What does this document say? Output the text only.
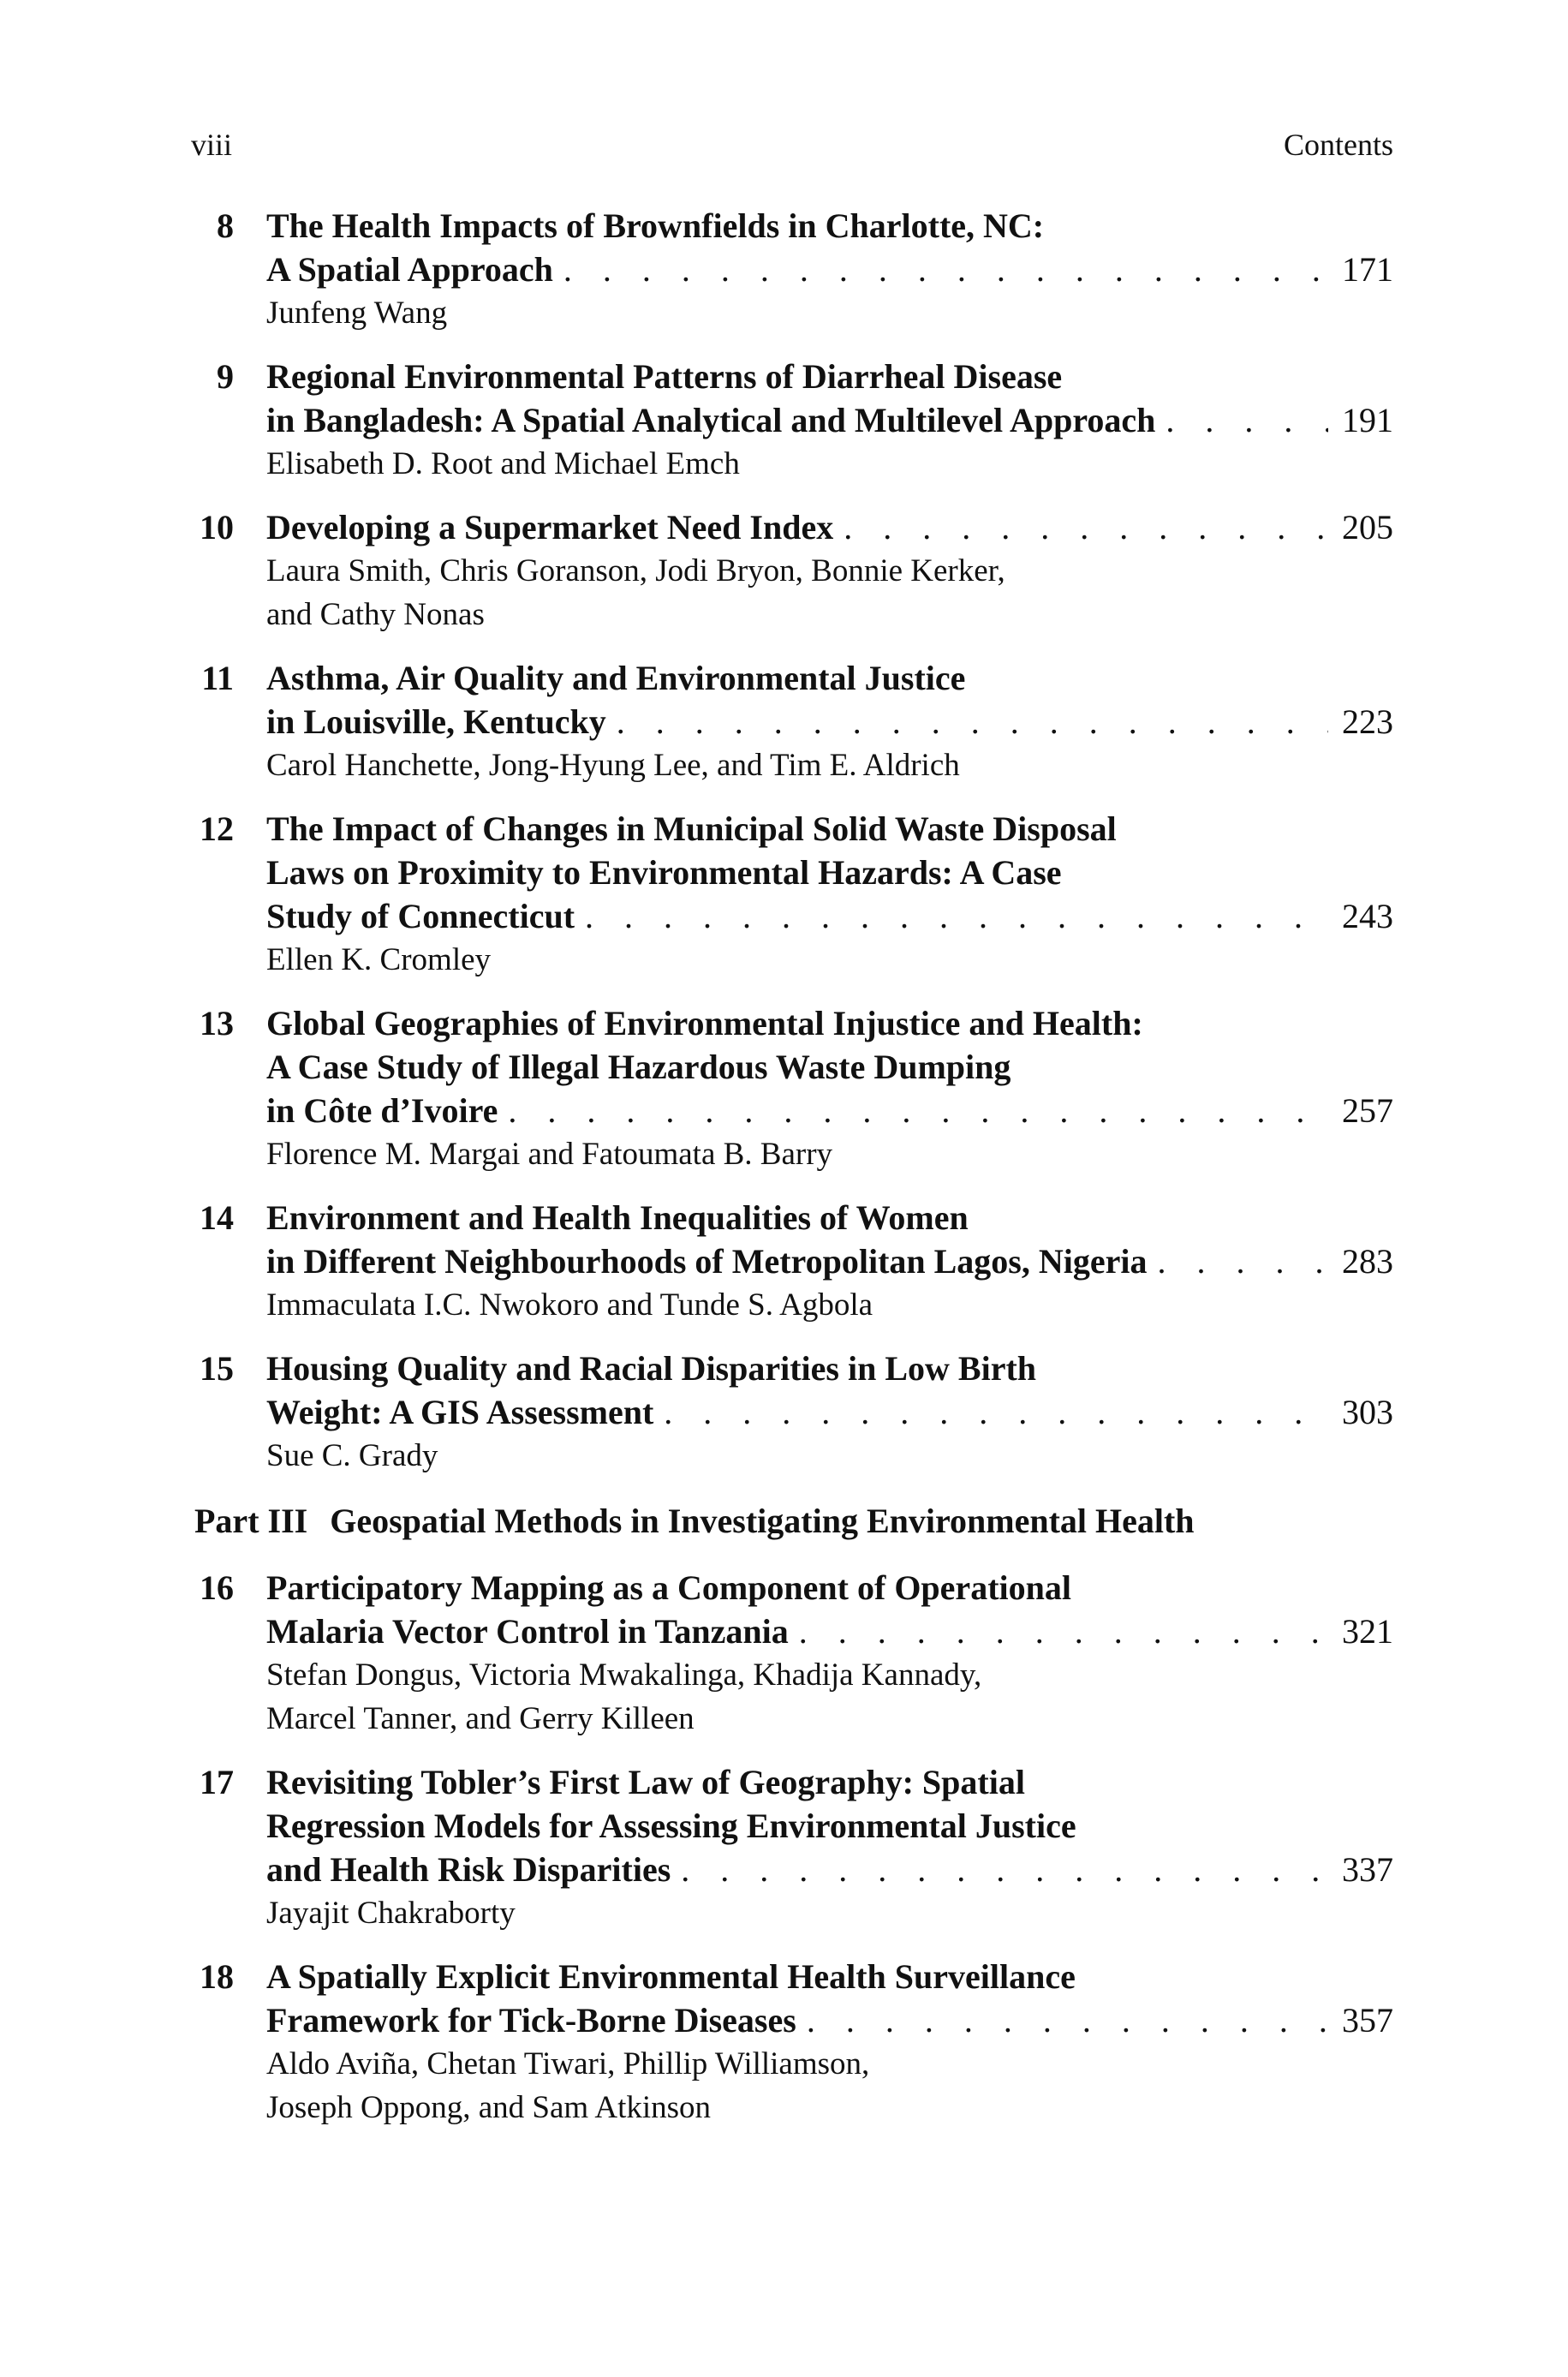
viii	Contents
8 The Health Impacts of Brownfields in Charlotte, NC:
A Spatial Approach . . .	171
Junfeng Wang
9 Regional Environmental Patterns of Diarrheal Disease
in Bangladesh: A Spatial Analytical and Multilevel Approach . . .	191
Elisabeth D. Root and Michael Emch
10 Developing a Supermarket Need Index . . .	205
Laura Smith, Chris Goranson, Jodi Bryon, Bonnie Kerker,
and Cathy Nonas
11 Asthma, Air Quality and Environmental Justice
in Louisville, Kentucky . . .	223
Carol Hanchette, Jong-Hyung Lee, and Tim E. Aldrich
12 The Impact of Changes in Municipal Solid Waste Disposal
Laws on Proximity to Environmental Hazards: A Case
Study of Connecticut . . .	243
Ellen K. Cromley
13 Global Geographies of Environmental Injustice and Health:
A Case Study of Illegal Hazardous Waste Dumping
in Côte d’Ivoire . . .	257
Florence M. Margai and Fatoumata B. Barry
14 Environment and Health Inequalities of Women
in Different Neighbourhoods of Metropolitan Lagos, Nigeria . . .	283
Immaculata I.C. Nwokoro and Tunde S. Agbola
15 Housing Quality and Racial Disparities in Low Birth
Weight: A GIS Assessment . . .	303
Sue C. Grady
Part III Geospatial Methods in Investigating Environmental Health
16 Participatory Mapping as a Component of Operational
Malaria Vector Control in Tanzania . . .	321
Stefan Dongus, Victoria Mwakalinga, Khadija Kannady,
Marcel Tanner, and Gerry Killeen
17 Revisiting Tobler’s First Law of Geography: Spatial
Regression Models for Assessing Environmental Justice
and Health Risk Disparities . . .	337
Jayajit Chakraborty
18 A Spatially Explicit Environmental Health Surveillance
Framework for Tick-Borne Diseases . . .	357
Aldo Aviña, Chetan Tiwari, Phillip Williamson,
Joseph Oppong, and Sam Atkinson
